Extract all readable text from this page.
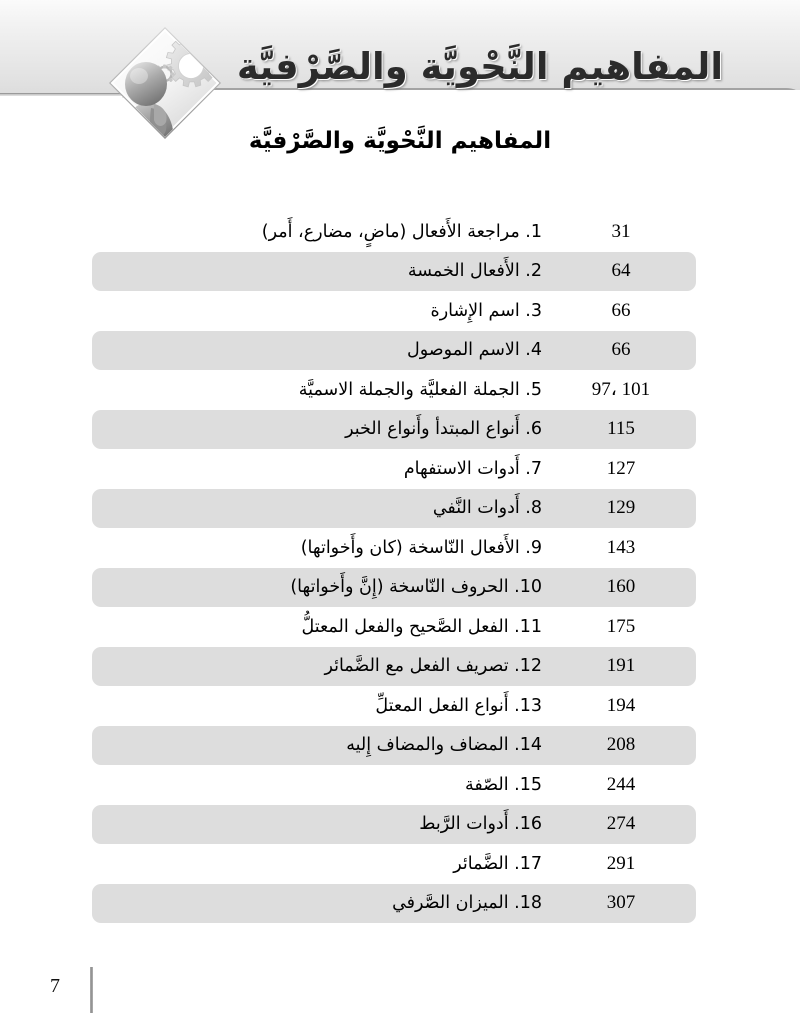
المفاهيم النَّحْويَّة والصَّرْفيَّة
المفاهيم النَّحْويَّة والصَّرْفيَّة
31
1. مراجعة الأَفعال (ماضٍ، مضارع، أَمر)
64
2. الأَفعال الخمسة
66
3. اسم الإِشارة
66
4. الاسم الموصول
97، 101
5. الجملة الفعليَّة والجملة الاسميَّة
115
6. أَنواع المبتدأ وأَنواع الخبر
127
7. أَدوات الاستفهام
129
8. أَدوات النَّفي
143
9. الأَفعال النّاسخة (كان وأَخواتها)
160
10. الحروف النّاسخة (إِنَّ وأَخواتها)
175
11. الفعل الصَّحيح والفعل المعتلُّ
191
12. تصريف الفعل مع الضَّمائر
194
13. أَنواع الفعل المعتلِّ
208
14. المضاف والمضاف إِليه
244
15. الصّفة
274
16. أَدوات الرَّبط
291
17. الضَّمائر
307
18. الميزان الصَّرفي
7
